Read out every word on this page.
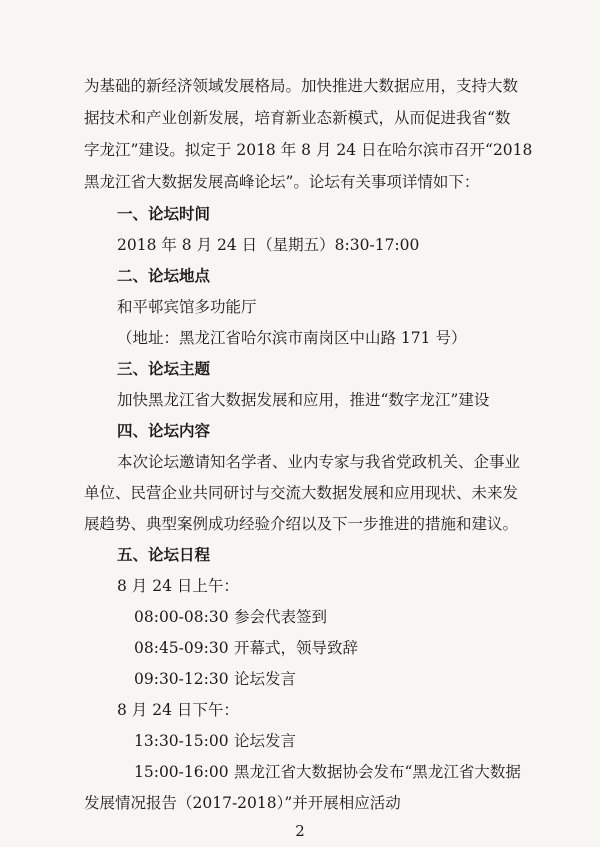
为基础的新经济领域发展格局。加快推进大数据应用，支持大数
据技术和产业创新发展，培育新业态新模式，从而促进我省“数
字龙江”建设。拟定于 2018 年 8 月 24 日在哈尔滨市召开“2018
黑龙江省大数据发展高峰论坛”。论坛有关事项详情如下：
一、论坛时间
2018 年 8 月 24 日（星期五）8:30-17:00
二、论坛地点
和平邨宾馆多功能厅
（地址：黑龙江省哈尔滨市南岗区中山路 171 号）
三、论坛主题
加快黑龙江省大数据发展和应用，推进“数字龙江”建设
四、论坛内容
本次论坛邀请知名学者、业内专家与我省党政机关、企事业
单位、民营企业共同研讨与交流大数据发展和应用现状、未来发
展趋势、典型案例成功经验介绍以及下一步推进的措施和建议。
五、论坛日程
8 月 24 日上午：
08:00-08:30 参会代表签到
08:45-09:30 开幕式，领导致辞
09:30-12:30 论坛发言
8 月 24 日下午：
13:30-15:00 论坛发言
2
15:00-16:00 黑龙江省大数据协会发布“黑龙江省大数据
发展情况报告（2017-2018）”并开展相应活动
